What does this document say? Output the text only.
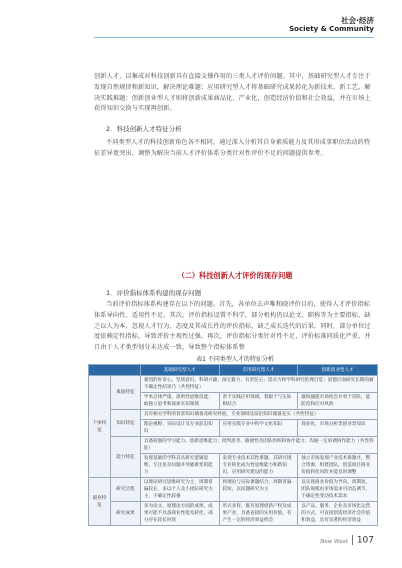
社会·经济
Society & Community

创新人才，以集成对科技创新具有直接支撑作用的三类人才评价问题。其中，基础研究型人才专注于发现自然规律和新知识，解决理论难题；应用研究型人才将基础研究成果转化为新技术、新工艺，解决实践难题；创新创业型人才则将创新成果商品化、产业化，创造经济价值和社会效益，并在市场上获得知识交换与实现再创新。

2．科技创新人才特征分析

不同类型人才的科技创新角色各不相同，通过深入分析其自身素质能力及其形成事职位活动的特征差异更突出，调整为解决当前人才评价体系分类针对性评价不足的问题提供参考。

（二）科技创新人才评价的现存问题
1．评价指标体系构建的现存问题

当前评价指标体系构建存在以下的问题。首先，各单位去声唯和晓评价目的，使得人才评价指标体系导向性、适用性不足。其次，评价指标设置不科学，部分机构仍以论文、职称等为主要指标，缺乏以人为本，忽视人才行为、态度及其成长性的评价指标，缺乏成长迭代的后果。同时，部分单位过度依赖定性指标，导致评价主观性过强。再次，评价指标分类针对性不足，评价标准同质化严重，并且由于人才类型划分未达成一致，导致整个指标体系整

表1 不同类型人才的特征分析
		基础研究型人才	应用研究型人才	创新创业型人才
个体特征	素质特征	强烈的好奇心、坚韧意识、科研兴趣；淘宝毅力、有责任心；适应力和学科研究伦理自觉；道德层面研究长期的耐不确定性结果乃（共性特征）		
		学术自律严谨，准则性思维技能；敢独立思考和探索未知领域	善于实践应用领域，着眼于与实际相结合	敏锐捕捉市场机会并勇于冒险，能防范和应对风险
	知识特征	具有相关学科的背景知识储备及研究经验，专业领域及前沿知识储备充实（共性特征）		
		理论视野、实际设计及专业前沿知识	应用实践专业中科学文化知识	商业化、市场分析类创业类知识
	能力特征	具备较强的学习能力、创新思维能力；批判思考、敏捷性及团队组织和协作能力；沟通一定协调协作能力（共性特征）		
		发现基础的学科其具研究逻辑思维，专注复杂问题并突破难变的能力	发现专业技术其性难题、其研究现专业转化成为性思维能力和新知识，应用研究建设的能力	独立市场发现产业技术难题并，整合资源，组建团队，创造项目商业价值转化风险并能及时调整
职业特征	研究过程	以理论研究思维研究为主，周期普遍较长，多以个人及小团队研究为主，不确定性较强	将理论与实际课题结合，周期普遍较短，以问题研究为主	以实现商业价值为导向，周期短，团队规模由市场需求可动态调节，不确定性变动技术需求
	研究成果	多为论文、原理论方面的成果，成果可能不具备商业性能及转化，部分存在较长时效	形式多样，既有原理创新产权及成果产业，具备直接的实用价值，有产生一定的经济效益机会	以产品、服务、企业及市场化运营的方式、可直接创造经济社会价值和效益，具有显著的经济效益
New West 107
